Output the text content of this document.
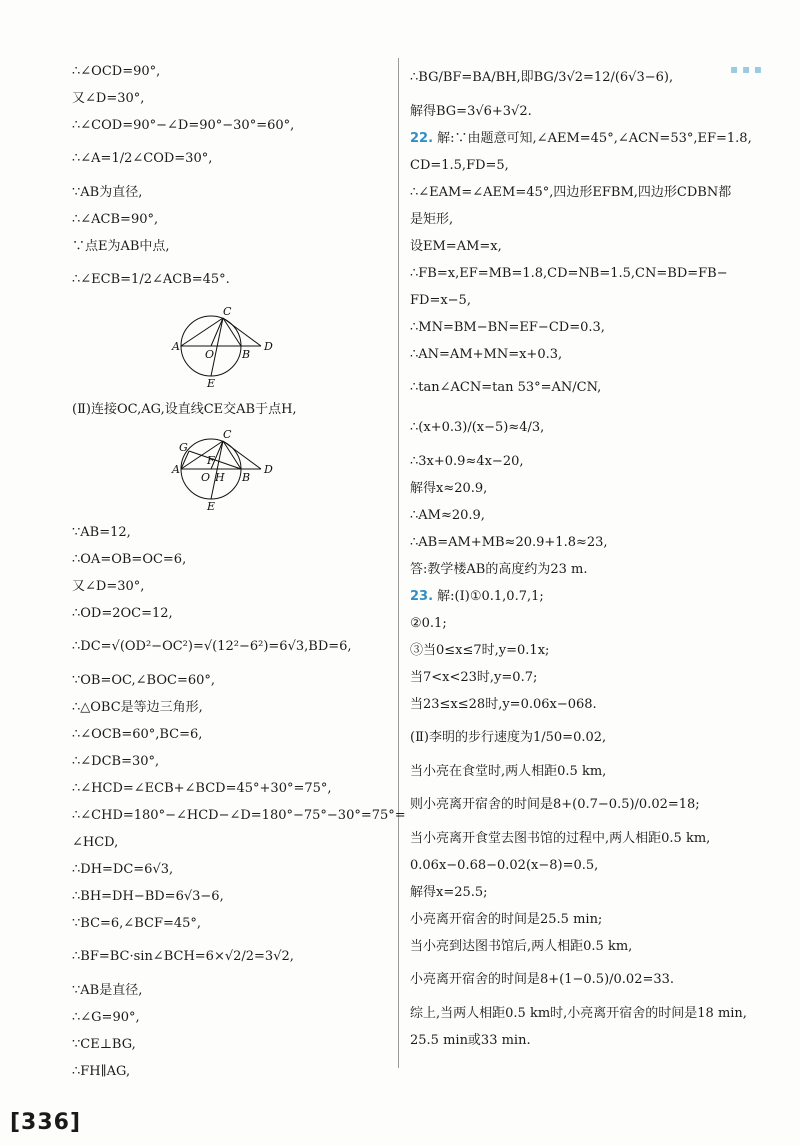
▪ ▪ ▪
∴∠OCD=90°,
又∠D=30°,
∴∠COD=90°−∠D=90°−30°=60°,
∴∠A=1/2∠COD=30°,
∵AB为直径,
∴∠ACB=90°,
∵点E为AB中点,
∴∠ECB=1/2∠ACB=45°.
A
O	B
C
D
E
(Ⅱ)连接OC,AG,设直线CE交AB于点H,
G
A
F
O H B
C
D
E
∵AB=12,
∴OA=OB=OC=6,
又∠D=30°,
∴OD=2OC=12,
∴DC=√(OD²−OC²)=√(12²−6²)=6√3,BD=6,
∵OB=OC,∠BOC=60°,
∴△OBC是等边三角形,
∴∠OCB=60°,BC=6,
∴∠DCB=30°,
∴∠HCD=∠ECB+∠BCD=45°+30°=75°,
∴∠CHD=180°−∠HCD−∠D=180°−75°−30°=75°=
∠HCD,
∴DH=DC=6√3,
∴BH=DH−BD=6√3−6,
∵BC=6,∠BCF=45°,
∴BF=BC·sin∠BCH=6×√2/2=3√2,
∵AB是直径,
∴∠G=90°,
∵CE⊥BG,
∴FH∥AG,
∴BG/BF=BA/BH,即BG/3√2=12/(6√3−6),
解得BG=3√6+3√2.
22. 解:∵由题意可知,∠AEM=45°,∠ACN=53°,EF=1.8,
CD=1.5,FD=5,
∴∠EAM=∠AEM=45°,四边形EFBM,四边形CDBN都
是矩形,
设EM=AM=x,
∴FB=x,EF=MB=1.8,CD=NB=1.5,CN=BD=FB−
FD=x−5,
∴MN=BM−BN=EF−CD=0.3,
∴AN=AM+MN=x+0.3,
∴tan∠ACN=tan 53°=AN/CN,
∴(x+0.3)/(x−5)≈4/3,
∴3x+0.9≈4x−20,
解得x≈20.9,
∴AM≈20.9,
∴AB=AM+MB≈20.9+1.8≈23,
答:教学楼AB的高度约为23 m.
23. 解:(Ⅰ)①0.1,0.7,1;
②0.1;
③当0≤x≤7时,y=0.1x;
当7<x<23时,y=0.7;
当23≤x≤28时,y=0.06x−068.
(Ⅱ)李明的步行速度为1/50=0.02,
当小亮在食堂时,两人相距0.5 km,
则小亮离开宿舍的时间是8+(0.7−0.5)/0.02=18;
当小亮离开食堂去图书馆的过程中,两人相距0.5 km,
0.06x−0.68−0.02(x−8)=0.5,
解得x=25.5;
小亮离开宿舍的时间是25.5 min;
当小亮到达图书馆后,两人相距0.5 km,
小亮离开宿舍的时间是8+(1−0.5)/0.02=33.
综上,当两人相距0.5 km时,小亮离开宿舍的时间是18 min,
25.5 min或33 min.
[336]
